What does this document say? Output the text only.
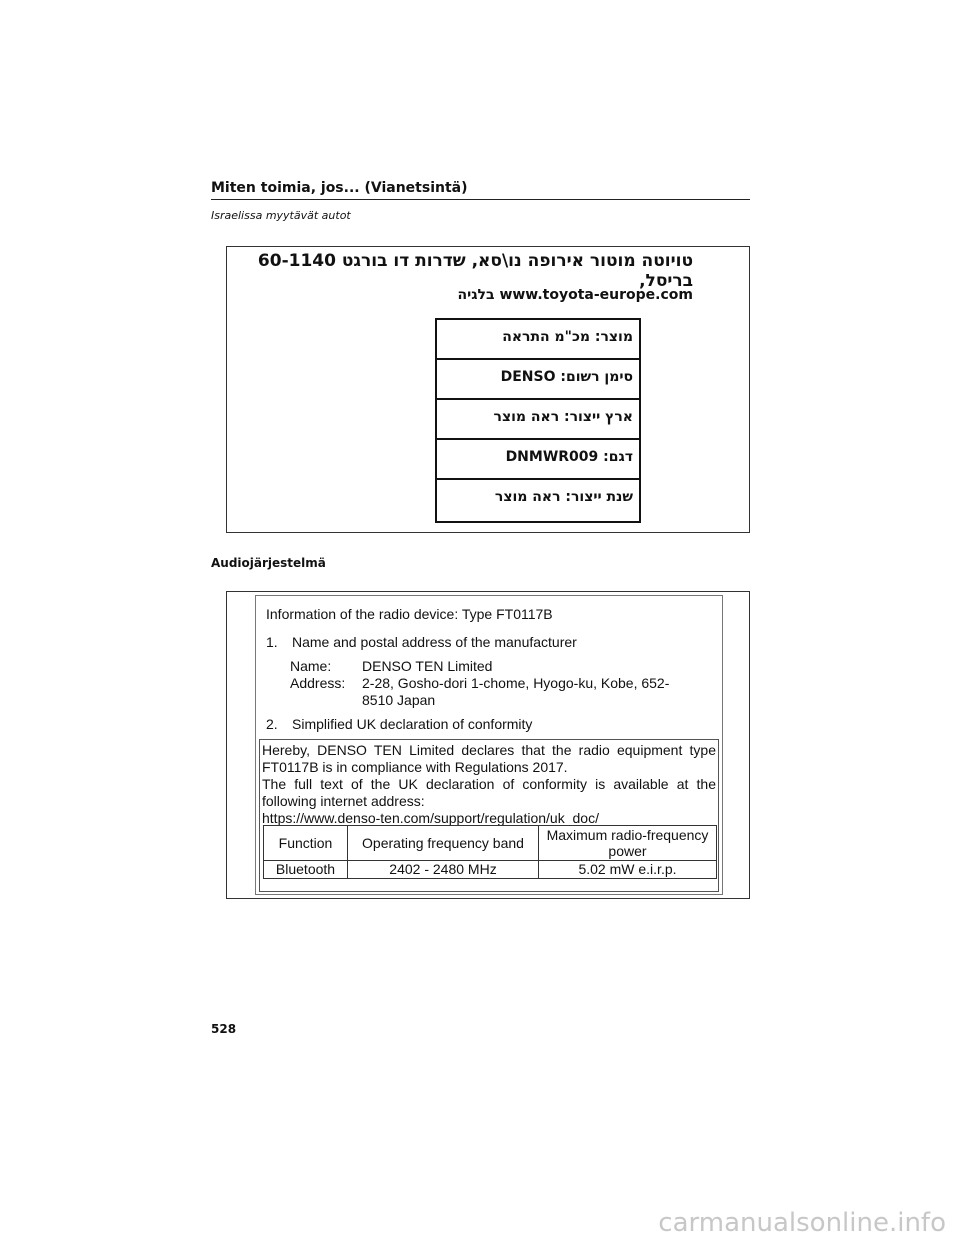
Miten toimia, jos... (Vianetsintä)
Israelissa myytävät autot
טויוטה מוטור אירופה נו\סא, שדרות דו בורגט 60-1140 בריסל,
www.toyota-europe.com בלגיה
מוצר: מכ"מ התראה
סימן רשום: DENSO
ארץ ייצור: ראה מוצר
דגם: DNMWR009
שנת ייצור: ראה מוצר
Audiojärjestelmä
Information of the radio device: Type FT0117B
1. Name and postal address of the manufacturer
Name: DENSO TEN Limited
Address: 2-28, Gosho-dori 1-chome, Hyogo-ku, Kobe, 652-8510 Japan
2. Simplified UK declaration of conformity

Hereby, DENSO TEN Limited declares that the radio equipment type FT0117B is in compliance with Regulations 2017.

The full text of the UK declaration of conformity is available at the following internet address:

https://www.denso-ten.com/support/regulation/uk_doc/

Function	Operating frequency band	Maximum radio-frequency power
Bluetooth	2402 - 2480 MHz	5.02 mW e.i.r.p.
528
carmanualsonline.info
